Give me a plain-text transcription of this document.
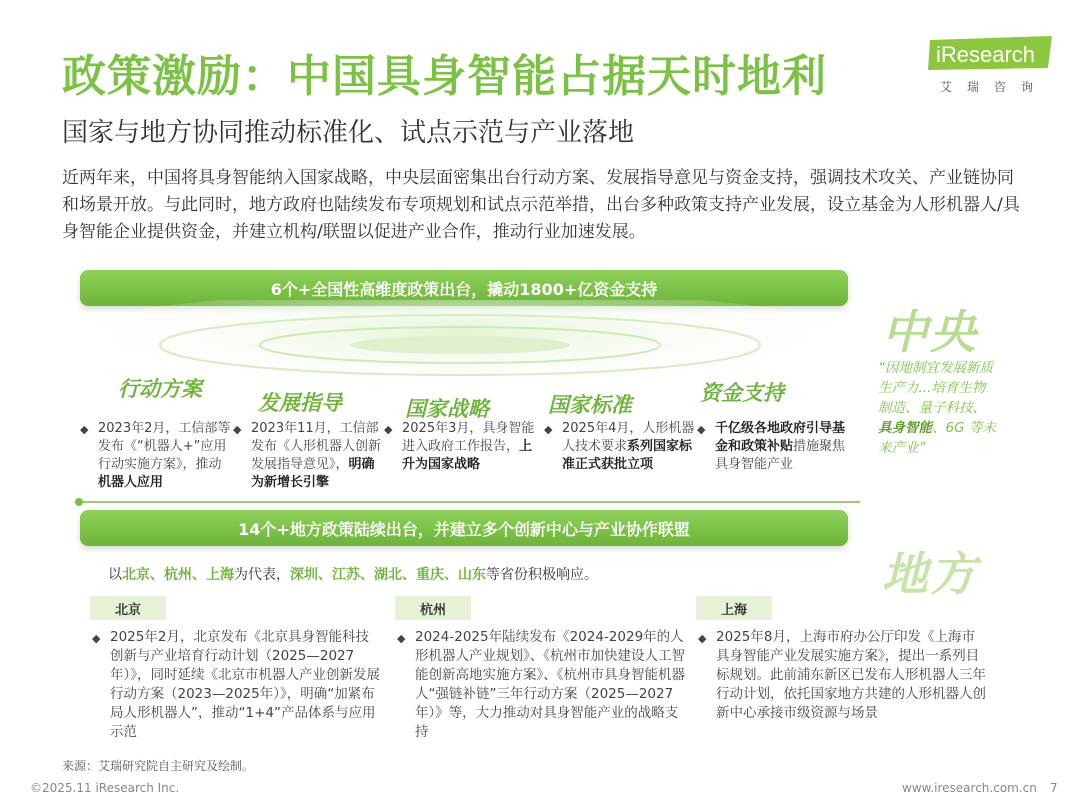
政策激励：中国具身智能占据天时地利
国家与地方协同推动标准化、试点示范与产业落地
iResearch
艾瑞咨询
近两年来，中国将具身智能纳入国家战略，中央层面密集出台行动方案、发展指导意见与资金支持，强调技术攻关、产业链协同和场景开放。与此同时，地方政府也陆续发布专项规划和试点示范举措，出台多种政策支持产业发展，设立基金为人形机器人/具身智能企业提供资金，并建立机构/联盟以促进产业合作，推动行业加速发展。
6个+全国性高维度政策出台，撬动1800+亿资金支持
中央
“因地制宜发展新质生产力...培育生物制造、量子科技、具身智能、6G 等未来产业”
行动方案
发展指导	国家战略	国家标准	资金支持
◆ 2023年2月，工信部等发布《“机器人+”应用行动实施方案》，推动机器人应用
◆ 2023年11月，工信部发布《人形机器人创新发展指导意见》，明确为新增长引擎
◆ 2025年3月，具身智能进入政府工作报告，上升为国家战略
◆ 2025年4月，人形机器人技术要求系列国家标准正式获批立项
◆ 千亿级各地政府引导基金和政策补贴措施聚焦具身智能产业
14个+地方政策陆续出台，并建立多个创新中心与产业协作联盟
地方
以北京、杭州、上海为代表，深圳、江苏、湖北、重庆、山东等省份积极响应。
北京	杭州	上海
◆ 2025年2月，北京发布《北京具身智能科技创新与产业培育行动计划（2025—2027年）》，同时延续《北京市机器人产业创新发展行动方案（2023—2025年）》，明确“加紧布局人形机器人”，推动“1+4”产品体系与应用示范
◆ 2024-2025年陆续发布《2024-2029年的人形机器人产业规划》、《杭州市加快建设人工智能创新高地实施方案》、《杭州市具身智能机器人“强链补链”三年行动方案（2025—2027年）》等，大力推动对具身智能产业的战略支持
◆ 2025年8月，上海市府办公厅印发《上海市具身智能产业发展实施方案》，提出一系列目标规划。此前浦东新区已发布人形机器人三年行动计划，依托国家地方共建的人形机器人创新中心承接市级资源与场景
来源：艾瑞研究院自主研究及绘制。
©2025.11 iResearch Inc.	www.iresearch.com.cn 7
